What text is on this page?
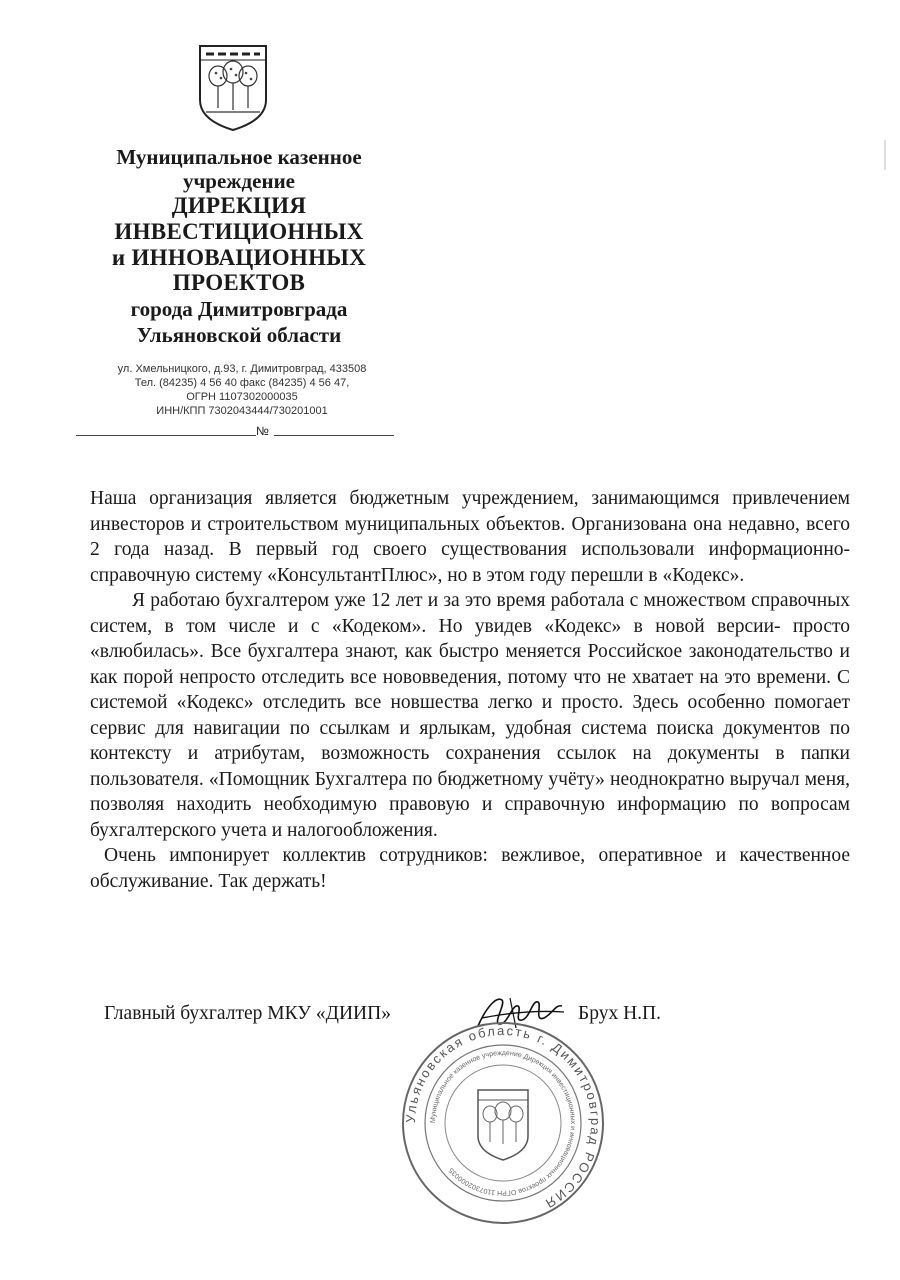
Муниципальное казенное
учреждение
ДИРЕКЦИЯ
ИНВЕСТИЦИОННЫХ
и ИННОВАЦИОННЫХ
ПРОЕКТОВ
города Димитровграда
Ульяновской области
ул. Хмельницкого, д.93, г. Димитровград, 433508
Тел. (84235) 4 56 40 факс (84235) 4 56 47,
ОГРН 1107302000035
ИНН/КПП 7302043444/730201001
№

Наша организация является бюджетным учреждением, занимающимся привлечением инвесторов и строительством муниципальных объектов. Организована она недавно, всего 2 года назад. В первый год своего существования использовали информационно-справочную систему «КонсультантПлюс», но в этом году перешли в «Кодекс».

Я работаю бухгалтером уже 12 лет и за это время работала с множеством справочных систем, в том числе и с «Кодеком». Но увидев «Кодекс» в новой версии- просто «влюбилась». Все бухгалтера знают, как быстро меняется Российское законодательство и как порой непросто отследить все нововведения, потому что не хватает на это времени. С системой «Кодекс» отследить все новшества легко и просто. Здесь особенно помогает сервис для навигации по ссылкам и ярлыкам, удобная система поиска документов по контексту и атрибутам, возможность сохранения ссылок на документы в папки пользователя. «Помощник Бухгалтера по бюджетному учёту» неоднократно выручал меня, позволяя находить необходимую правовую и справочную информацию по вопросам бухгалтерского учета и налогообложения.

Очень импонирует коллектив сотрудников: вежливое, оперативное и качественное обслуживание. Так держать!

Главный бухгалтер МКУ «ДИИП»	Брух Н.П.
Ульяновская область г. Димитровград РОССИЯ
Муниципальное казенное учреждение Дирекция инвестиционных и инновационных проектов ОГРН 1107302000035
